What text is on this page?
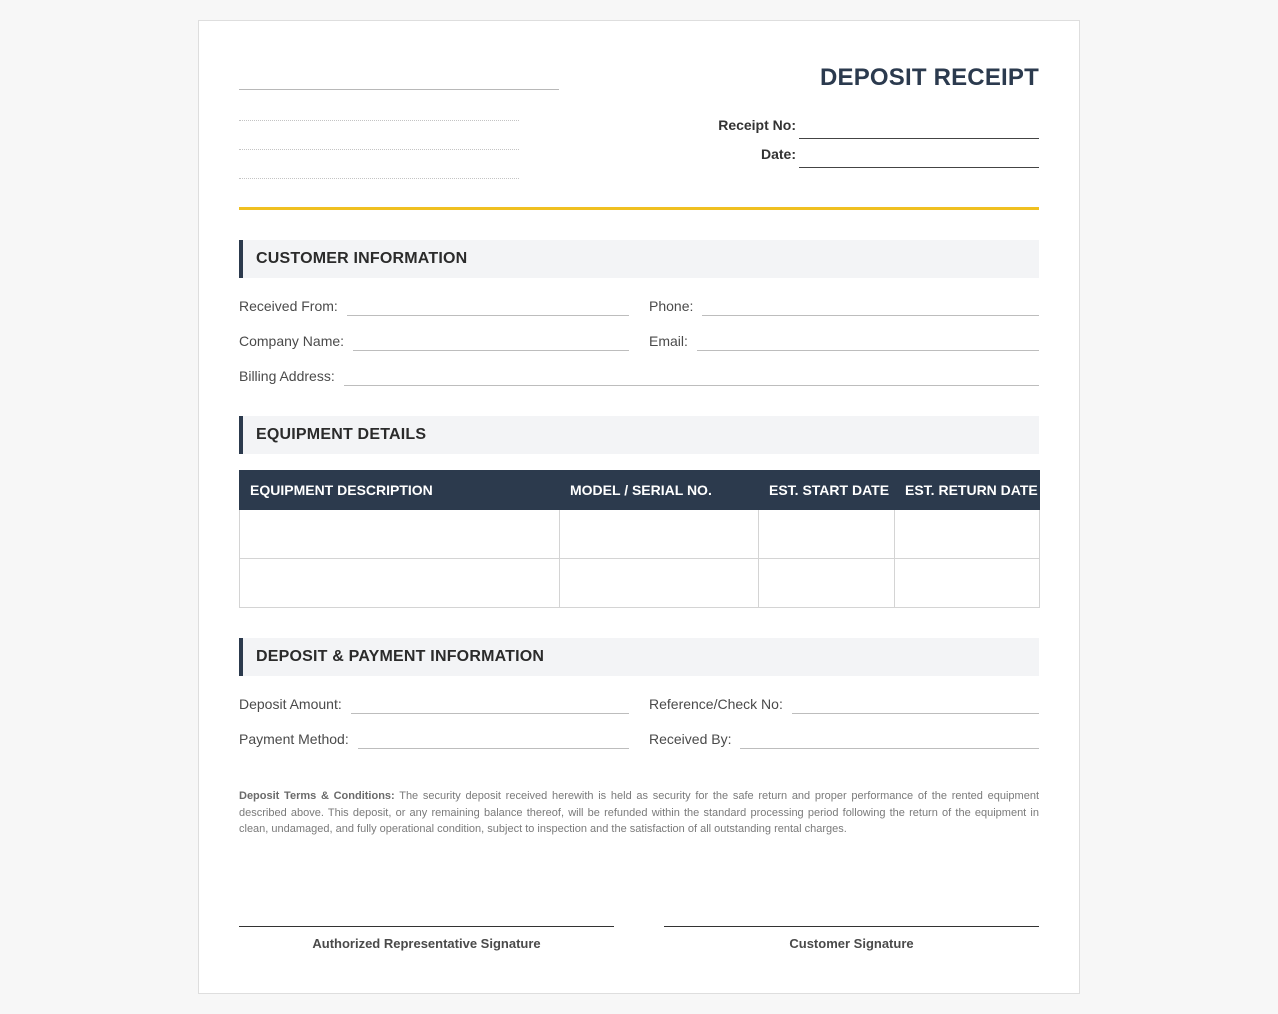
DEPOSIT RECEIPT
Receipt No:
Date:
CUSTOMER INFORMATION
Received From:	Phone:
Company Name:	Email:
Billing Address:
EQUIPMENT DETAILS
EQUIPMENT DESCRIPTION	MODEL / SERIAL NO.	EST. START DATE	EST. RETURN DATE

DEPOSIT & PAYMENT INFORMATION
Deposit Amount:	Reference/Check No:
Payment Method:	Received By:
Deposit Terms & Conditions: The security deposit received herewith is held as security for the safe return and proper performance of the rented equipment described above. This deposit, or any remaining balance thereof, will be refunded within the standard processing period following the return of the equipment in clean, undamaged, and fully operational condition, subject to inspection and the satisfaction of all outstanding rental charges.
Authorized Representative Signature	Customer Signature
